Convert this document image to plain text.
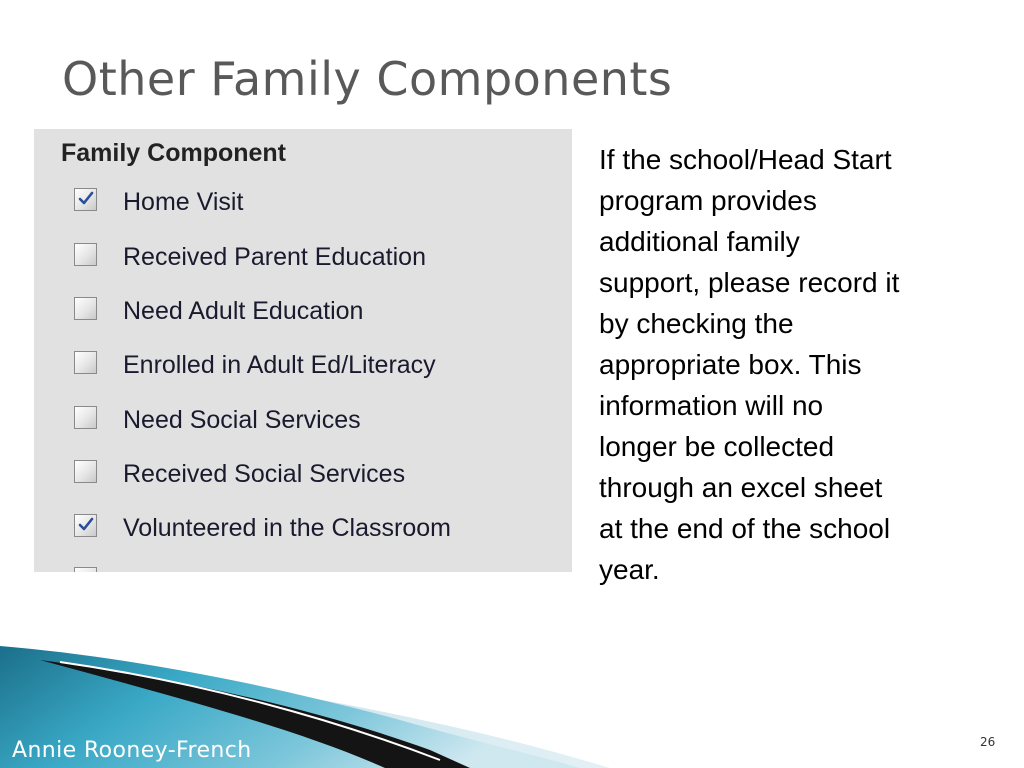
Other Family Components
Family Component
Home Visit
Received Parent Education
Need Adult Education
Enrolled in Adult Ed/Literacy
Need Social Services
Received Social Services
Volunteered in the Classroom

If the school/Head Start
program provides
additional family
support, please record it
by checking the
appropriate box. This
information will no
longer be collected
through an excel sheet
at the end of the school
year.

Annie Rooney-French	26
